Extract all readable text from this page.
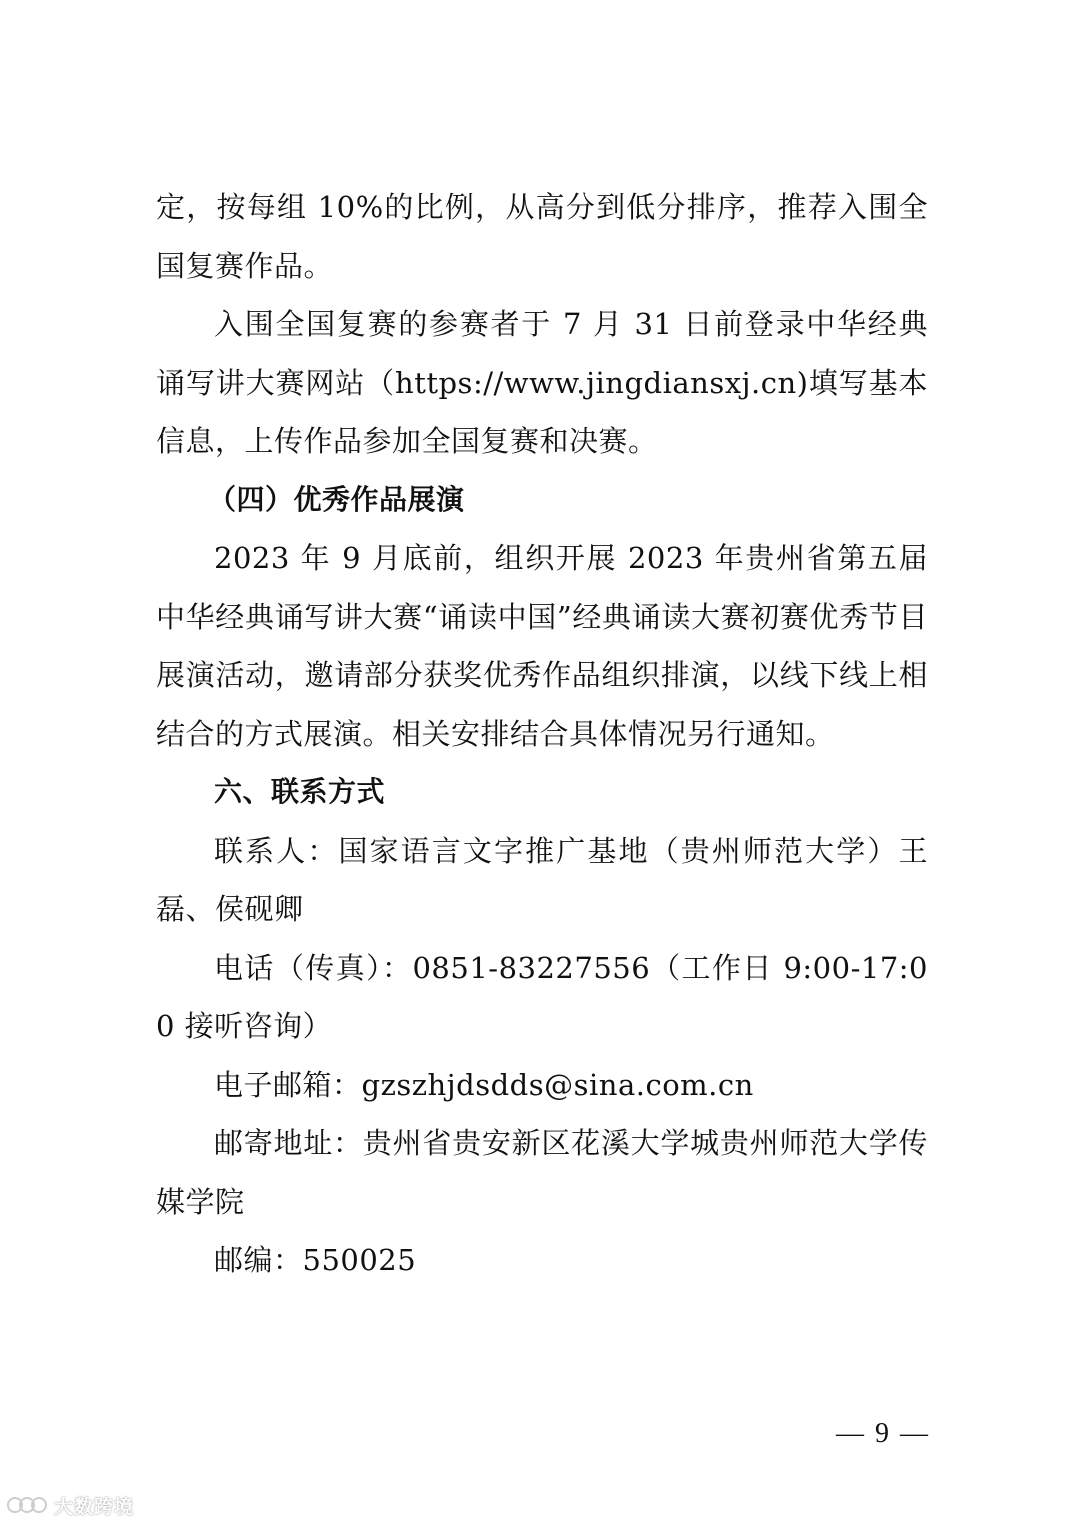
定，按每组 10%的比例，从高分到低分排序，推荐入围全国复赛作品。

入围全国复赛的参赛者于 7 月 31 日前登录中华经典诵写讲大赛网站（https://www.jingdiansxj.cn)填写基本信息，上传作品参加全国复赛和决赛。

（四）优秀作品展演

2023 年 9 月底前，组织开展 2023 年贵州省第五届中华经典诵写讲大赛“诵读中国”经典诵读大赛初赛优秀节目展演活动，邀请部分获奖优秀作品组织排演，以线下线上相结合的方式展演。相关安排结合具体情况另行通知。

六、联系方式

联系人：国家语言文字推广基地（贵州师范大学）王磊、侯砚卿

电话（传真）：0851-83227556（工作日 9:00-17:00 接听咨询）

电子邮箱：gzszhjdsdds@sina.com.cn

邮寄地址：贵州省贵安新区花溪大学城贵州师范大学传媒学院

邮编：550025

— 9 —
大数跨境
